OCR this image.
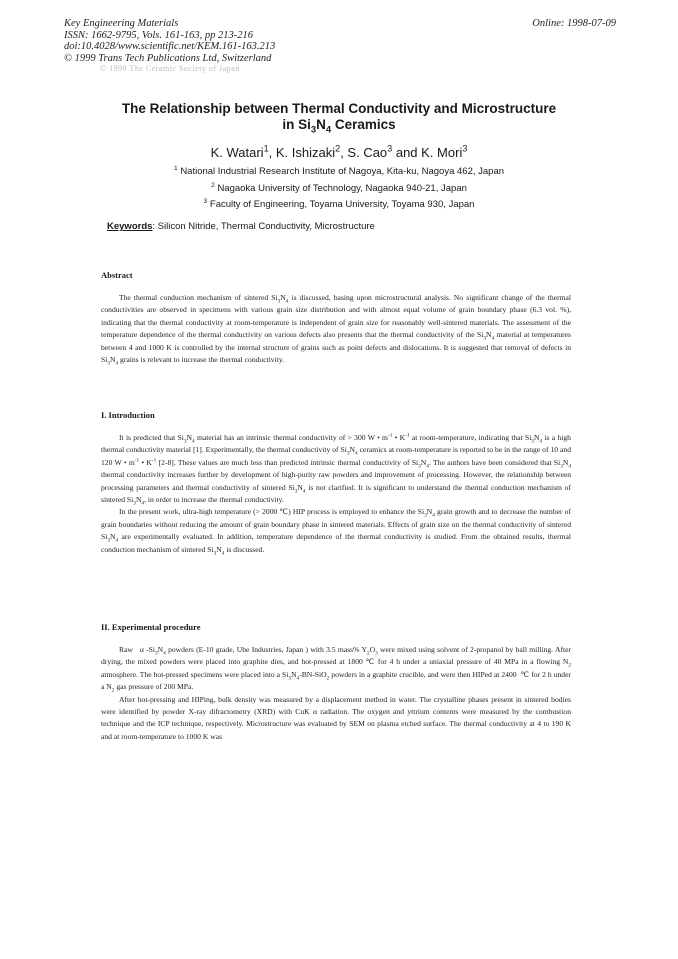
Key Engineering Materials
ISSN: 1662-9795, Vols. 161-163, pp 213-216
doi:10.4028/www.scientific.net/KEM.161-163.213
© 1999 Trans Tech Publications Ltd, Switzerland
Online: 1998-07-09
© 1999 The Ceramic Society of Japan
The Relationship between Thermal Conductivity and Microstructure
in $Si_3N_4$ Ceramics
K. Watari$^1$, K. Ishizaki$^2$, S. Cao$^3$ and K. Mori$^3$
$^1$ National Industrial Research Institute of Nagoya, Kita-ku, Nagoya 462, Japan
$^2$ Nagaoka University of Technology, Nagaoka 940-21, Japan
$^3$ Faculty of Engineering, Toyama University, Toyama 930, Japan
Keywords: Silicon Nitride, Thermal Conductivity, Microstructure
Abstract

The thermal conduction mechanism of sintered $Si_3N_4$ is discussed, basing upon microstructural analysis. No significant change of the thermal conductivities are observed in specimens with various grain size distribution and with almost equal volume of grain boundary phase (6.3 vol. %), indicating that the thermal conductivity at room-temperature is independent of grain size for reasonably well-sintered materials. The assessment of the temperature dependence of the thermal conductivity on various defects also presents that the thermal conductivity of the $Si_3N_4$ material at temperatures between 4 and 1000 K is controlled by the internal structure of grains such as point defects and dislocations. It is suggested that removal of defects in $Si_3N_4$ grains is relevant to increase the thermal conductivity.

I. Introduction

It is predicted that $Si_3N_4$ material has an intrinsic thermal conductivity of > 300 W • $m^{-1}$ • $K^{-1}$ at room-temperature, indicating that $Si_3N_4$ is a high thermal conductivity material [1]. Experimentally, the thermal conductivity of $Si_3N_4$ ceramics at room-temperature is reported to be in the range of 10 and 120 W • $m^{-1}$ • $K^{-1}$ [2-8]. These values are much less than predicted intrinsic thermal conductivity of $Si_3N_4$. The authors have been considered that $Si_3N_4$ thermal conductivity increases further by development of high-purity raw powders and improvement of processing. However, the relationship between processing parameters and thermal conductivity of sintered $Si_3N_4$ is not clarified. It is significant to understand the thermal conduction mechanism of sintered $Si_3N_4$, in order to increase the thermal conductivity.

In the present work, ultra-high temperature (> 2000 ℃) HIP process is employed to enhance the $Si_3N_4$ grain growth and to decrease the number of grain boundaries without reducing the amount of grain boundary phase in sintered materials. Effects of grain size on the thermal conductivity of sintered $Si_3N_4$ are experimentally evaluated. In addition, temperature dependence of the thermal conductivity is studied. From the obtained results, thermal conduction mechanism of sintered $Si_3N_4$ is discussed.

II. Experimental procedure

Raw   α $-Si_3N_4$ powders (E-10 grade, Ube Industries, Japan ) with 3.5 mass% $Y_2O_3$ were mixed using solvent of 2-propanol by ball milling. After drying, the mixed powders were placed into graphite dies, and hot-pressed at 1800 ℃ for 4 h under a uniaxial pressure of 40 MPa in a flowing $N_2$ atmosphere. The hot-pressed specimens were placed into a $Si_3N_4-BN-SiO_2$ powders in a graphite crucible, and were then HIPed at 2400  ℃ for 2 h under a $N_2$ gas pressure of 200 MPa.

After hot-pressing and HIPing, bulk density was measured by a displacement method in water. The crystalline phases present in sintered bodies were identified by powder X-ray difractometry (XRD) with CuK α radiation. The oxygen and yttrium contents were measured by the combustion technique and the ICP technique, respectively. Microstructure was evaluated by SEM on plasma etched surface. The thermal conductivity at 4 to 190 K and at room-temperature to 1000 K was
